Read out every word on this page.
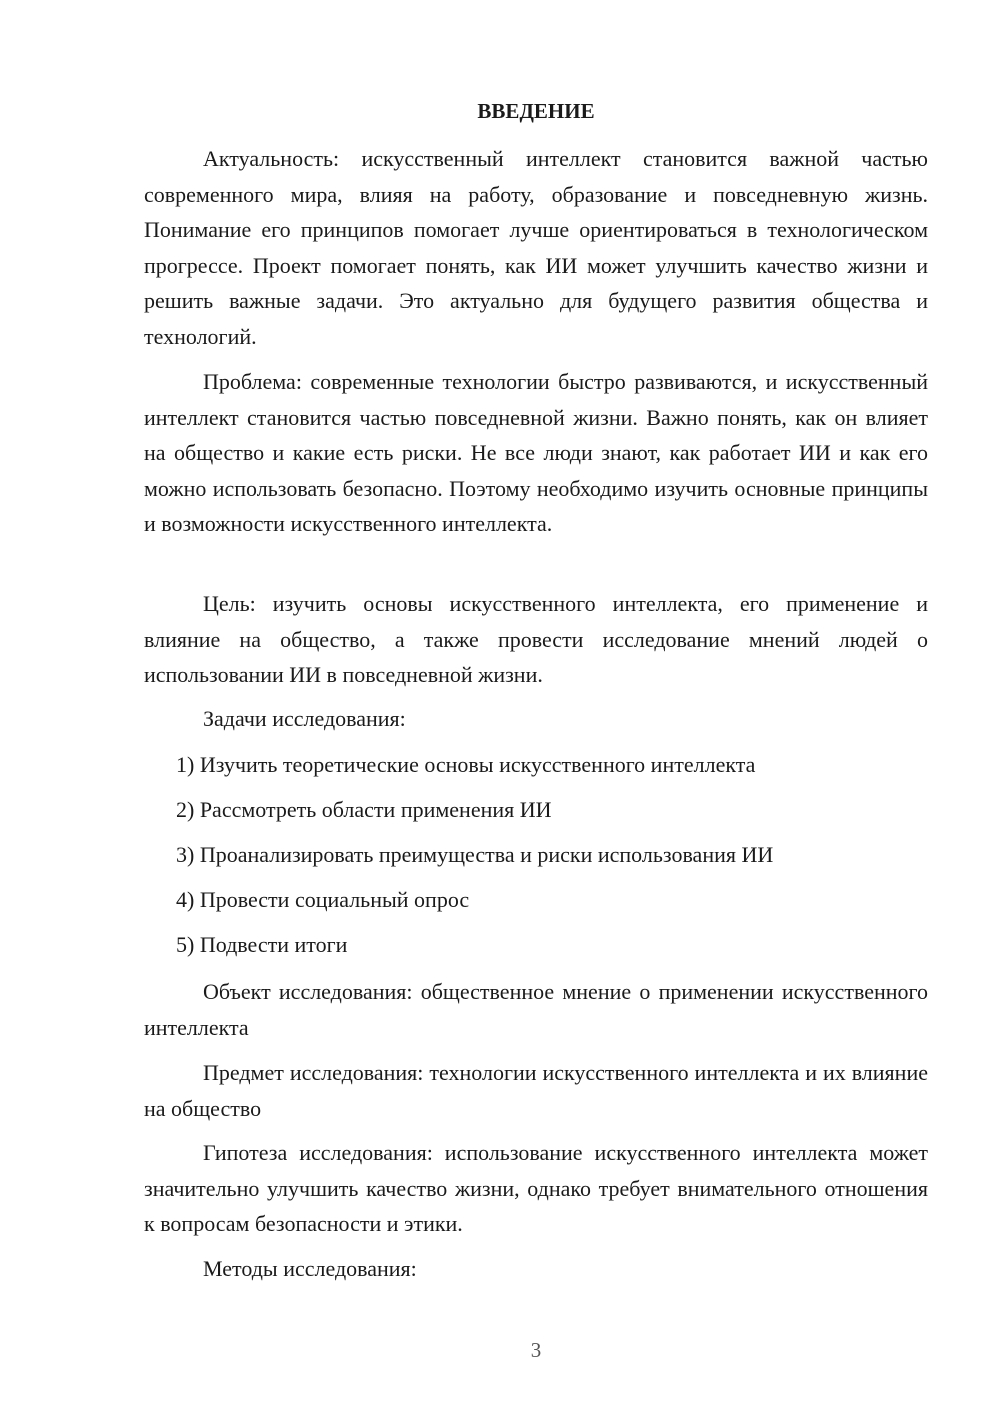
ВВЕДЕНИЕ

Актуальность: искусственный интеллект становится важной частью современного мира, влияя на работу, образование и повседневную жизнь. Понимание его принципов помогает лучше ориентироваться в технологическом прогрессе. Проект помогает понять, как ИИ может улучшить качество жизни и решить важные задачи. Это актуально для будущего развития общества и технологий.

Проблема: современные технологии быстро развиваются, и искусственный интеллект становится частью повседневной жизни. Важно понять, как он влияет на общество и какие есть риски. Не все люди знают, как работает ИИ и как его можно использовать безопасно. Поэтому необходимо изучить основные принципы и возможности искусственного интеллекта.

Цель: изучить основы искусственного интеллекта, его применение и влияние на общество, а также провести исследование мнений людей о использовании ИИ в повседневной жизни.

Задачи исследования:

1) Изучить теоретические основы искусственного интеллекта

2) Рассмотреть области применения ИИ

3) Проанализировать преимущества и риски использования ИИ

4) Провести социальный опрос

5) Подвести итоги

Объект исследования: общественное мнение о применении искусственного интеллекта

Предмет исследования: технологии искусственного интеллекта и их влияние на общество

Гипотеза исследования: использование искусственного интеллекта может значительно улучшить качество жизни, однако требует внимательного отношения к вопросам безопасности и этики.

Методы исследования:

3
